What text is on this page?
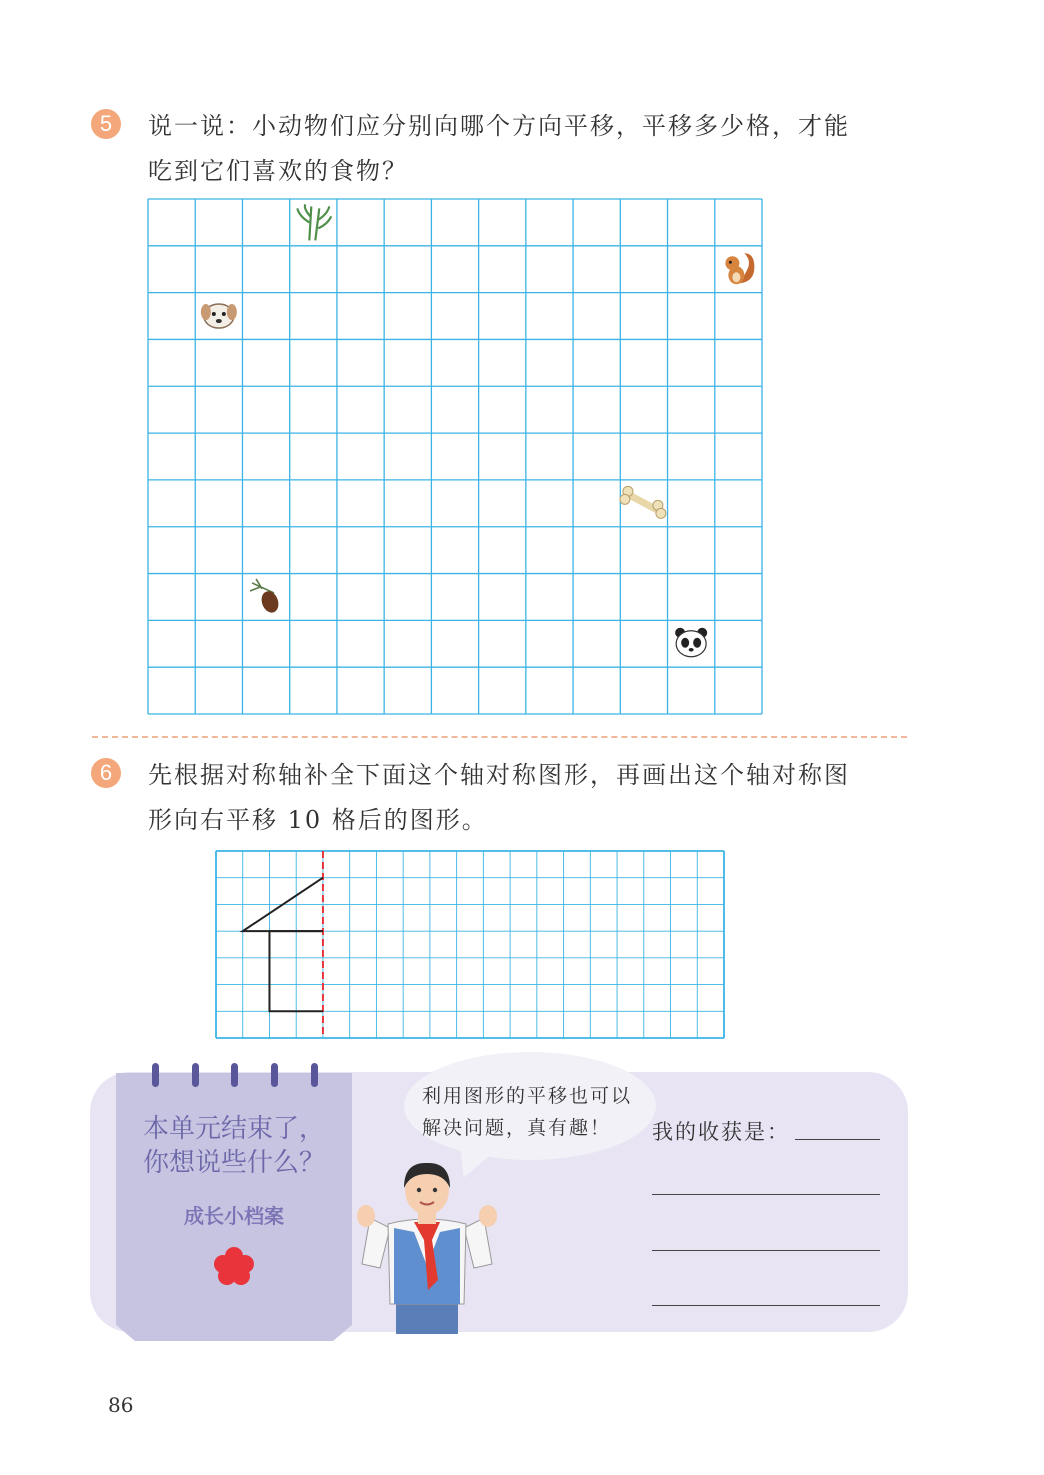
5	说一说：小动物们应分别向哪个方向平移，平移多少格，才能
吃到它们喜欢的食物？
6	先根据对称轴补全下面这个轴对称图形，再画出这个轴对称图
形向右平移 10 格后的图形。
本单元结束了，
你想说些什么？
成长小档案
利用图形的平移也可以
解决问题，真有趣！ 我的收获是：
86
